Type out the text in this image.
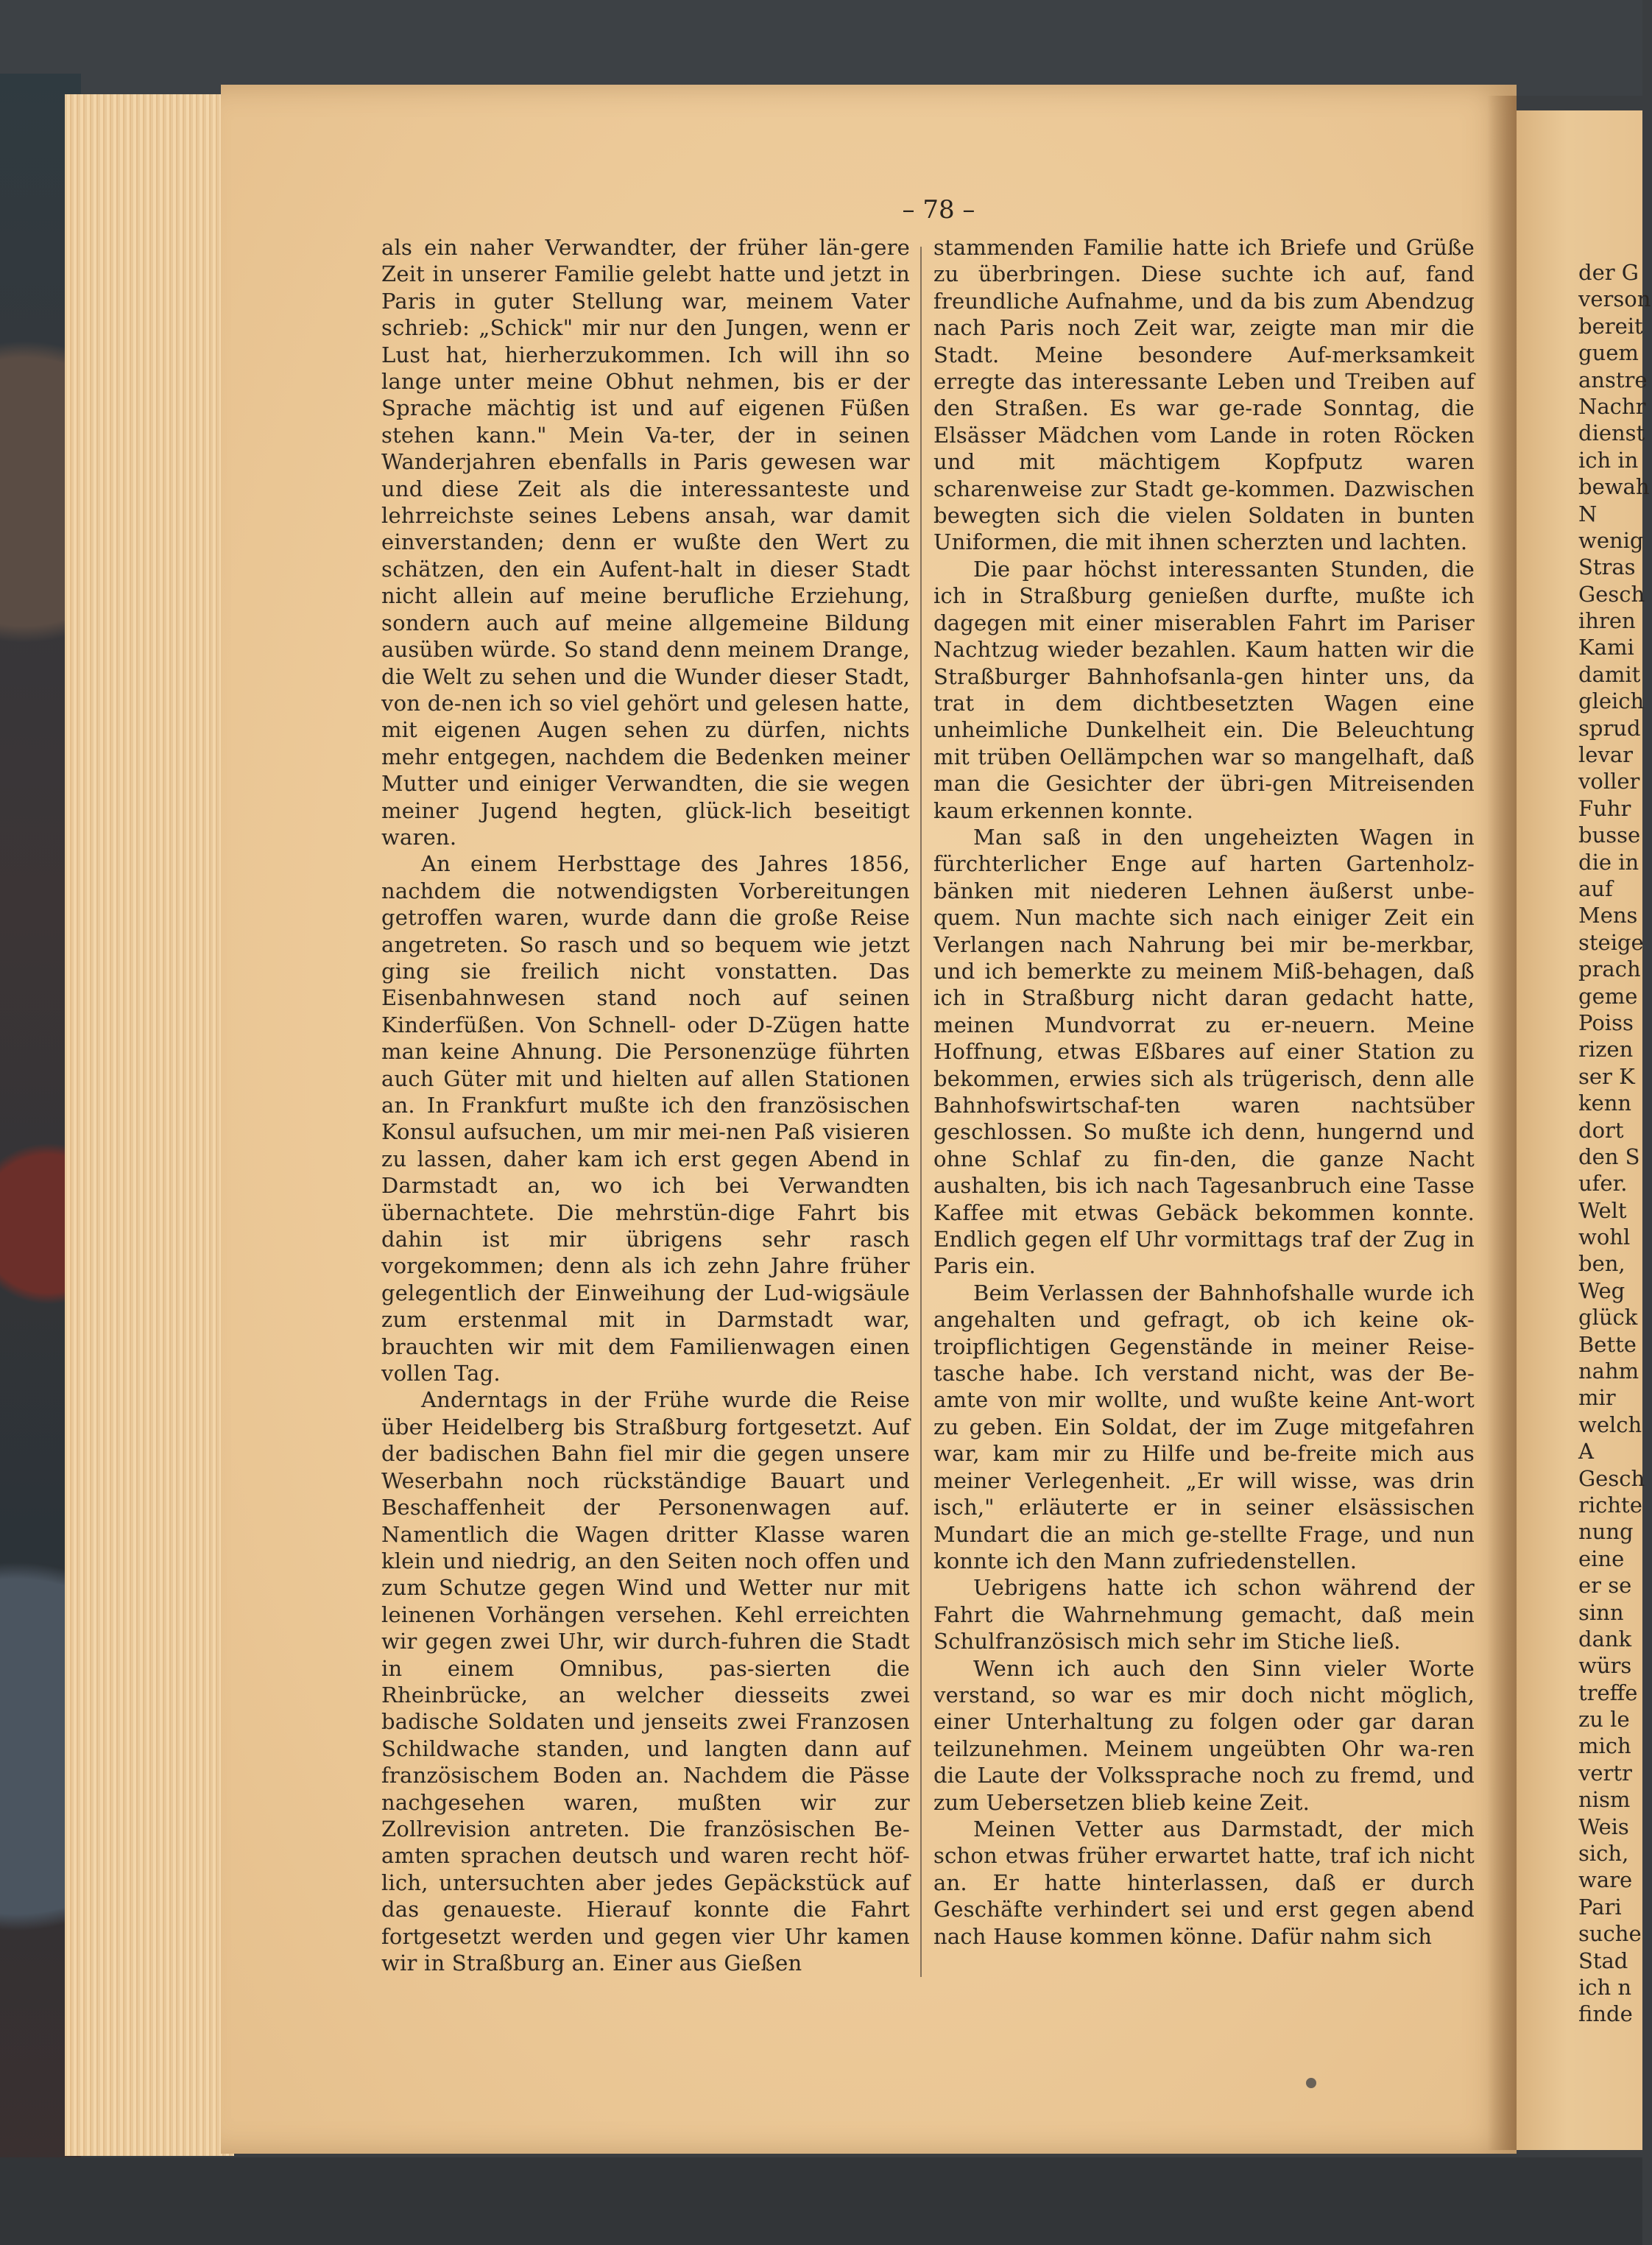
– 78 –

als ein naher Verwandter, der früher län-gere Zeit in unserer Familie gelebt hatte und jetzt in Paris in guter Stellung war, meinem Vater schrieb: „Schick" mir nur den Jungen, wenn er Lust hat, hierherzukommen. Ich will ihn so lange unter meine Obhut nehmen, bis er der Sprache mächtig ist und auf eigenen Füßen stehen kann." Mein Va-ter, der in seinen Wanderjahren ebenfalls in Paris gewesen war und diese Zeit als die interessanteste und lehrreichste seines Lebens ansah, war damit einverstanden; denn er wußte den Wert zu schätzen, den ein Aufent-halt in dieser Stadt nicht allein auf meine berufliche Erziehung, sondern auch auf meine allgemeine Bildung ausüben würde. So stand denn meinem Drange, die Welt zu sehen und die Wunder dieser Stadt, von de-nen ich so viel gehört und gelesen hatte, mit eigenen Augen sehen zu dürfen, nichts mehr entgegen, nachdem die Bedenken meiner Mutter und einiger Verwandten, die sie wegen meiner Jugend hegten, glück-lich beseitigt waren.

An einem Herbsttage des Jahres 1856, nachdem die notwendigsten Vorbereitungen getroffen waren, wurde dann die große Reise angetreten. So rasch und so bequem wie jetzt ging sie freilich nicht vonstatten. Das Eisenbahnwesen stand noch auf seinen Kinderfüßen. Von Schnell- oder D-Zügen hatte man keine Ahnung. Die Personenzüge führten auch Güter mit und hielten auf allen Stationen an. In Frankfurt mußte ich den französischen Konsul aufsuchen, um mir mei-nen Paß visieren zu lassen, daher kam ich erst gegen Abend in Darmstadt an, wo ich bei Verwandten übernachtete. Die mehrstün-dige Fahrt bis dahin ist mir übrigens sehr rasch vorgekommen; denn als ich zehn Jahre früher gelegentlich der Einweihung der Lud-wigsäule zum erstenmal mit in Darmstadt war, brauchten wir mit dem Familienwagen einen vollen Tag.

Anderntags in der Frühe wurde die Reise über Heidelberg bis Straßburg fortgesetzt. Auf der badischen Bahn fiel mir die gegen unsere Weserbahn noch rückständige Bauart und Beschaffenheit der Personenwagen auf. Namentlich die Wagen dritter Klasse waren klein und niedrig, an den Seiten noch offen und zum Schutze gegen Wind und Wetter nur mit leinenen Vorhängen versehen. Kehl erreichten wir gegen zwei Uhr, wir durch-fuhren die Stadt in einem Omnibus, pas-sierten die Rheinbrücke, an welcher diesseits zwei badische Soldaten und jenseits zwei Franzosen Schildwache standen, und langten dann auf französischem Boden an. Nachdem die Pässe nachgesehen waren, mußten wir zur Zollrevision antreten. Die französischen Be-amten sprachen deutsch und waren recht höf-lich, untersuchten aber jedes Gepäckstück auf das genaueste. Hierauf konnte die Fahrt fortgesetzt werden und gegen vier Uhr kamen wir in Straßburg an. Einer aus Gießen

stammenden Familie hatte ich Briefe und Grüße zu überbringen. Diese suchte ich auf, fand freundliche Aufnahme, und da bis zum Abendzug nach Paris noch Zeit war, zeigte man mir die Stadt. Meine besondere Auf-merksamkeit erregte das interessante Leben und Treiben auf den Straßen. Es war ge-rade Sonntag, die Elsässer Mädchen vom Lande in roten Röcken und mit mächtigem Kopfputz waren scharenweise zur Stadt ge-kommen. Dazwischen bewegten sich die vielen Soldaten in bunten Uniformen, die mit ihnen scherzten und lachten.

Die paar höchst interessanten Stunden, die ich in Straßburg genießen durfte, mußte ich dagegen mit einer miserablen Fahrt im Pariser Nachtzug wieder bezahlen. Kaum hatten wir die Straßburger Bahnhofsanla-gen hinter uns, da trat in dem dichtbesetzten Wagen eine unheimliche Dunkelheit ein. Die Beleuchtung mit trüben Oellämpchen war so mangelhaft, daß man die Gesichter der übri-gen Mitreisenden kaum erkennen konnte.

Man saß in den ungeheizten Wagen in fürchterlicher Enge auf harten Gartenholz-bänken mit niederen Lehnen äußerst unbe-quem. Nun machte sich nach einiger Zeit ein Verlangen nach Nahrung bei mir be-merkbar, und ich bemerkte zu meinem Miß-behagen, daß ich in Straßburg nicht daran gedacht hatte, meinen Mundvorrat zu er-neuern. Meine Hoffnung, etwas Eßbares auf einer Station zu bekommen, erwies sich als trügerisch, denn alle Bahnhofswirtschaf-ten waren nachtsüber geschlossen. So mußte ich denn, hungernd und ohne Schlaf zu fin-den, die ganze Nacht aushalten, bis ich nach Tagesanbruch eine Tasse Kaffee mit etwas Gebäck bekommen konnte. Endlich gegen elf Uhr vormittags traf der Zug in Paris ein.

Beim Verlassen der Bahnhofshalle wurde ich angehalten und gefragt, ob ich keine ok-troipflichtigen Gegenstände in meiner Reise-tasche habe. Ich verstand nicht, was der Be-amte von mir wollte, und wußte keine Ant-wort zu geben. Ein Soldat, der im Zuge mitgefahren war, kam mir zu Hilfe und be-freite mich aus meiner Verlegenheit. „Er will wisse, was drin isch," erläuterte er in seiner elsässischen Mundart die an mich ge-stellte Frage, und nun konnte ich den Mann zufriedenstellen.

Uebrigens hatte ich schon während der Fahrt die Wahrnehmung gemacht, daß mein Schulfranzösisch mich sehr im Stiche ließ.

Wenn ich auch den Sinn vieler Worte verstand, so war es mir doch nicht möglich, einer Unterhaltung zu folgen oder gar daran teilzunehmen. Meinem ungeübten Ohr wa-ren die Laute der Volkssprache noch zu fremd, und zum Uebersetzen blieb keine Zeit.

Meinen Vetter aus Darmstadt, der mich schon etwas früher erwartet hatte, traf ich nicht an. Er hatte hinterlassen, daß er durch Geschäfte verhindert sei und erst gegen abend nach Hause kommen könne. Dafür nahm sich

der G
verson
bereit
guem
anstre
Nachr
dienst
ich in
bewah
N
wenig
Stras
Gesch
ihren
Kami
damit
gleich
sprud
levar
voller
Fuhr
busse
die in
auf
Mens
steige
prach
geme
Poiss
rizen
ser K
kenn
dort
den S
ufer.
Welt
wohl
ben,
Weg
glück
Bette
nahm
mir
welch
A
Gesch
richte
nung
eine
er se
sinn
dank
würs
treffe
zu le
mich
vertr
nism
Weis
sich,
ware
Pari
suche
Stad
ich n
finde
